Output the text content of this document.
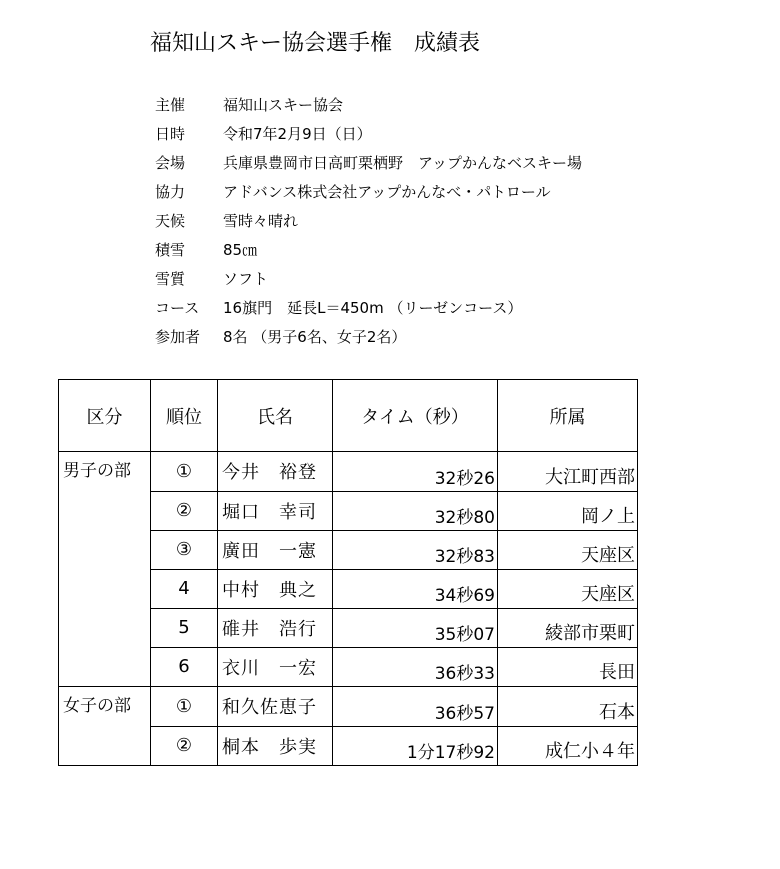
福知山スキー協会選手権　成績表
主催	福知山スキー協会
日時	令和7年2月9日（日）
会場	兵庫県豊岡市日高町栗栖野　アップかんなベスキー場
協力	アドバンス株式会社アップかんなべ・パトロール
天候	雪時々晴れ
積雪	85㎝
雪質	ソフト
コース	16旗門　延長L＝450m （リーゼンコース）
参加者	8名 （男子6名、女子2名）
区分	順位	氏名	タイム（秒）	所属
男子の部	①	今井　裕登	32秒26	大江町西部
	②	堀口　幸司	32秒80	岡ノ上
	③	廣田　一憲	32秒83	天座区
	4	中村　典之	34秒69	天座区
	5	碓井　浩行	35秒07	綾部市栗町
	6	衣川　一宏	36秒33	長田
女子の部	①	和久佐恵子	36秒57	石本
	②	桐本　歩実	1分17秒92	成仁小４年
